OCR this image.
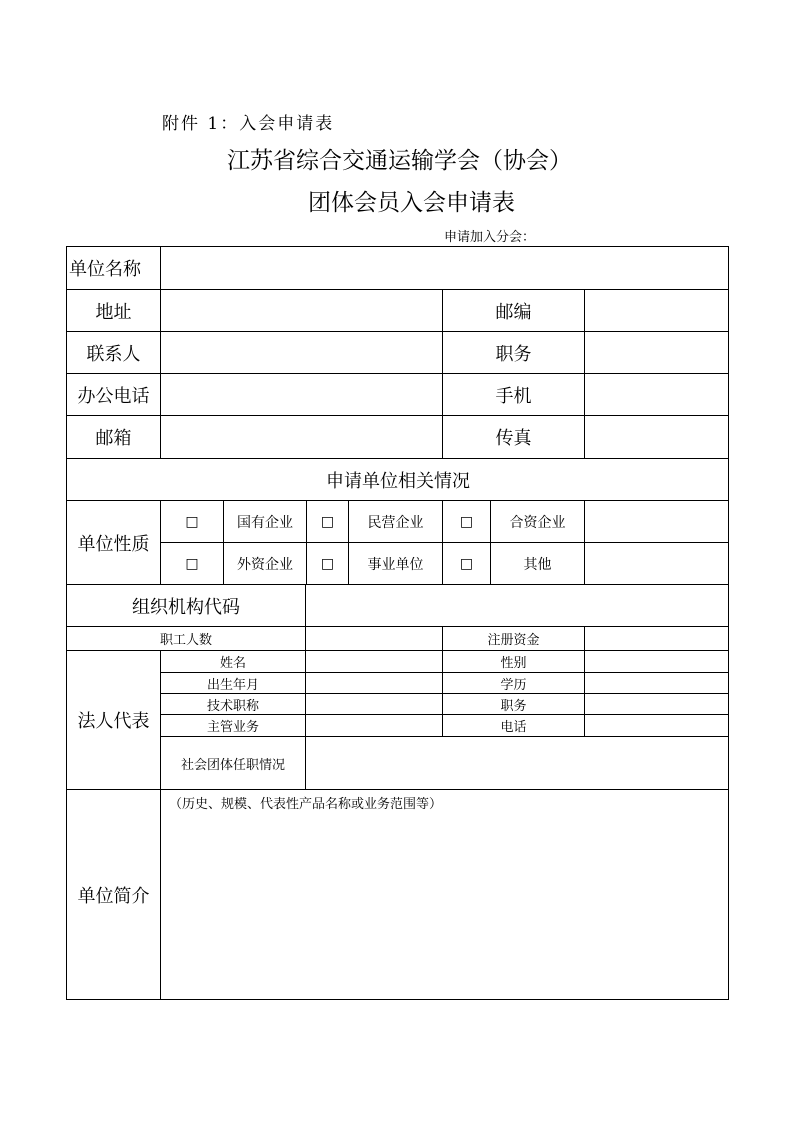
附件 1：入会申请表
江苏省综合交通运输学会（协会）
团体会员入会申请表
申请加入分会：
单位名称
地址	邮编
联系人	职务
办公电话	手机
邮箱	传真
申请单位相关情况
单位性质
□	国有企业	□	民营企业	□	合资企业
□	外资企业	□	事业单位	□	其他
组织机构代码
职工人数	注册资金
法人代表
姓名	性别
出生年月	学历
技术职称	职务
主管业务	电话
社会团体任职情况
单位简介
（历史、规模、代表性产品名称或业务范围等）
